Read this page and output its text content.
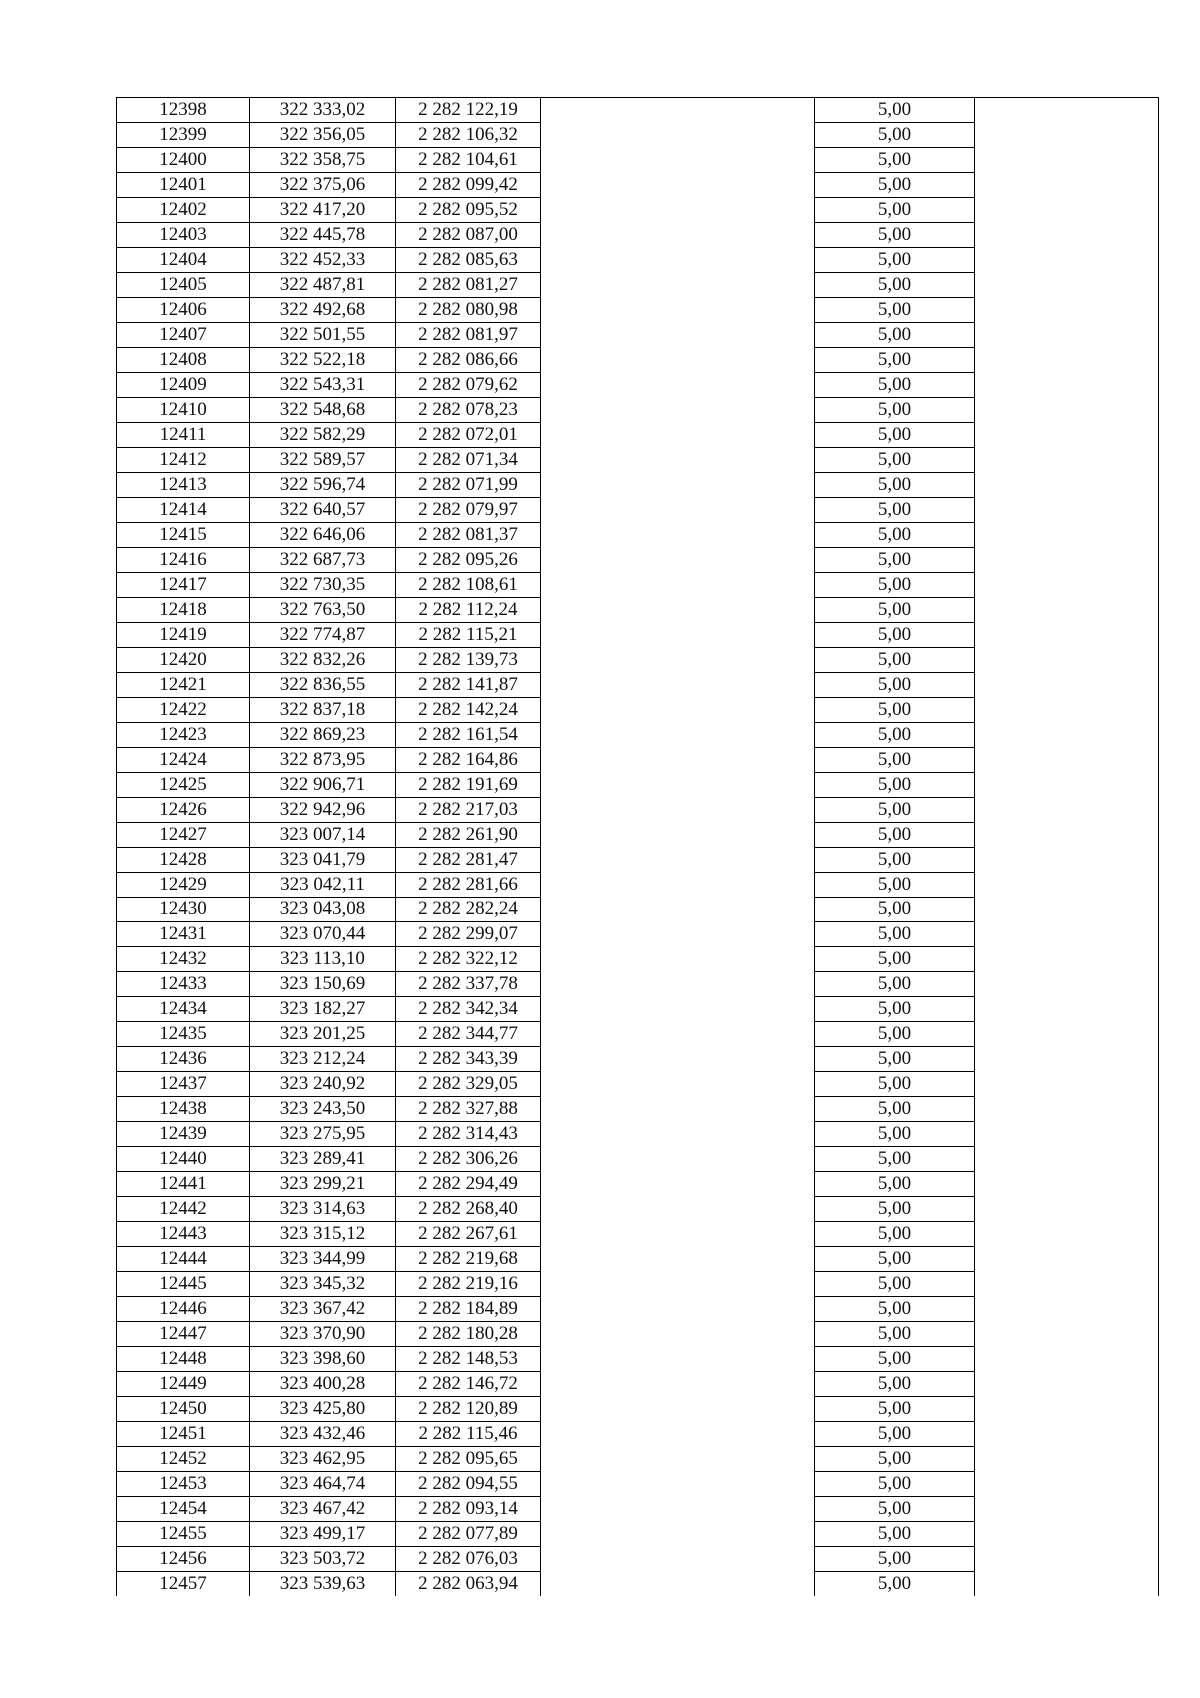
12398	322 333,02	2 282 122,19		5,00	
12399	322 356,05	2 282 106,32		5,00	
12400	322 358,75	2 282 104,61		5,00	
12401	322 375,06	2 282 099,42		5,00	
12402	322 417,20	2 282 095,52		5,00	
12403	322 445,78	2 282 087,00		5,00	
12404	322 452,33	2 282 085,63		5,00	
12405	322 487,81	2 282 081,27		5,00	
12406	322 492,68	2 282 080,98		5,00	
12407	322 501,55	2 282 081,97		5,00	
12408	322 522,18	2 282 086,66		5,00	
12409	322 543,31	2 282 079,62		5,00	
12410	322 548,68	2 282 078,23		5,00	
12411	322 582,29	2 282 072,01		5,00	
12412	322 589,57	2 282 071,34		5,00	
12413	322 596,74	2 282 071,99		5,00	
12414	322 640,57	2 282 079,97		5,00	
12415	322 646,06	2 282 081,37		5,00	
12416	322 687,73	2 282 095,26		5,00	
12417	322 730,35	2 282 108,61		5,00	
12418	322 763,50	2 282 112,24		5,00	
12419	322 774,87	2 282 115,21		5,00	
12420	322 832,26	2 282 139,73		5,00	
12421	322 836,55	2 282 141,87		5,00	
12422	322 837,18	2 282 142,24		5,00	
12423	322 869,23	2 282 161,54		5,00	
12424	322 873,95	2 282 164,86		5,00	
12425	322 906,71	2 282 191,69		5,00	
12426	322 942,96	2 282 217,03		5,00	
12427	323 007,14	2 282 261,90		5,00	
12428	323 041,79	2 282 281,47		5,00	
12429	323 042,11	2 282 281,66		5,00	
12430	323 043,08	2 282 282,24		5,00	
12431	323 070,44	2 282 299,07		5,00	
12432	323 113,10	2 282 322,12		5,00	
12433	323 150,69	2 282 337,78		5,00	
12434	323 182,27	2 282 342,34		5,00	
12435	323 201,25	2 282 344,77		5,00	
12436	323 212,24	2 282 343,39		5,00	
12437	323 240,92	2 282 329,05		5,00	
12438	323 243,50	2 282 327,88		5,00	
12439	323 275,95	2 282 314,43		5,00	
12440	323 289,41	2 282 306,26		5,00	
12441	323 299,21	2 282 294,49		5,00	
12442	323 314,63	2 282 268,40		5,00	
12443	323 315,12	2 282 267,61		5,00	
12444	323 344,99	2 282 219,68		5,00	
12445	323 345,32	2 282 219,16		5,00	
12446	323 367,42	2 282 184,89		5,00	
12447	323 370,90	2 282 180,28		5,00	
12448	323 398,60	2 282 148,53		5,00	
12449	323 400,28	2 282 146,72		5,00	
12450	323 425,80	2 282 120,89		5,00	
12451	323 432,46	2 282 115,46		5,00	
12452	323 462,95	2 282 095,65		5,00	
12453	323 464,74	2 282 094,55		5,00	
12454	323 467,42	2 282 093,14		5,00	
12455	323 499,17	2 282 077,89		5,00	
12456	323 503,72	2 282 076,03		5,00	
12457	323 539,63	2 282 063,94		5,00	
